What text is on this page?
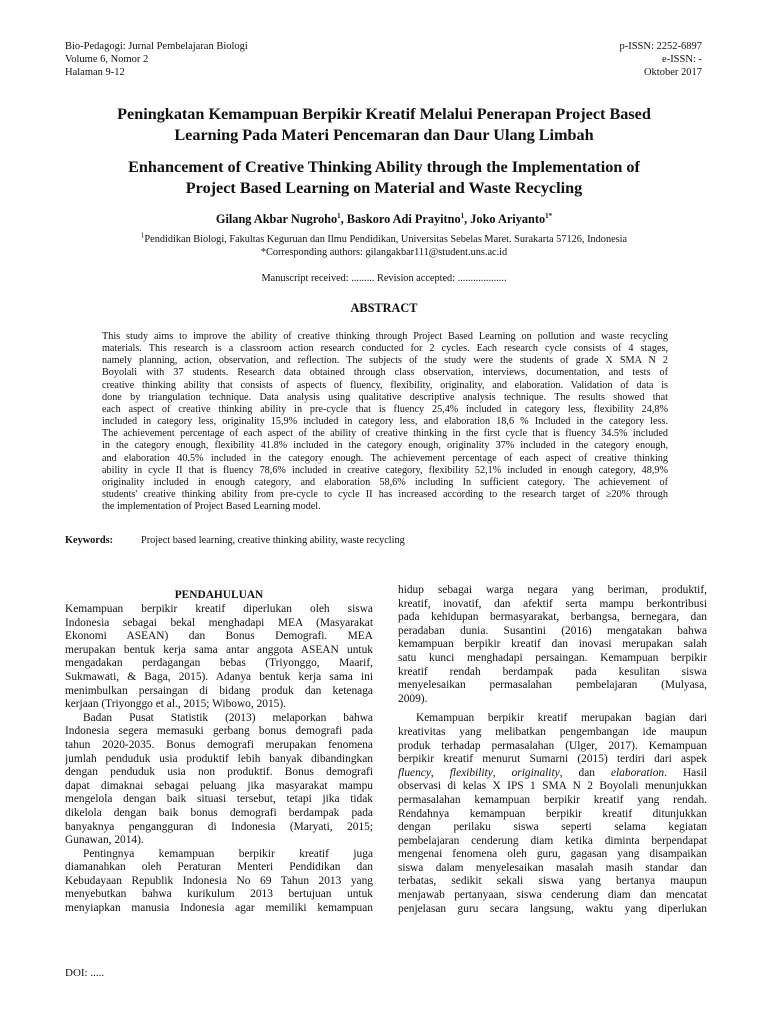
Bio-Pedagogi: Jurnal Pembelajaran Biologi
Volume 6, Nomor 2
Halaman 9-12
p-ISSN: 2252-6897
e-ISSN: -
Oktober 2017
Peningkatan Kemampuan Berpikir Kreatif Melalui Penerapan Project Based
Learning Pada Materi Pencemaran dan Daur Ulang Limbah
Enhancement of Creative Thinking Ability through the Implementation of
Project Based Learning on Material and Waste Recycling
Gilang Akbar Nugroho$^1$, Baskoro Adi Prayitno$^1$, Joko Ariyanto$^{1*}$
$^1$Pendidikan Biologi, Fakultas Keguruan dan Ilmu Pendidikan, Universitas Sebelas Maret. Surakarta 57126, Indonesia
*Corresponding authors: gilangakbar111@student.uns.ac.id
Manuscript received: ......... Revision accepted: ...................
ABSTRACT
This study aims to improve the ability of creative thinking through Project Based Learning on pollution and waste recycling
materials. This research is a classroom action research conducted for 2 cycles. Each research cycle consists of 4 stages,
namely planning, action, observation, and reflection. The subjects of the study were the students of grade X SMA N 2
Boyolali with 37 students. Research data obtained through class observation, interviews, documentation, and tests of
creative thinking ability that consists of aspects of fluency, flexibility, originality, and elaboration. Validation of data is
done by triangulation technique. Data analysis using qualitative descriptive analysis technique. The results showed that
each aspect of creative thinking ability in pre-cycle that is fluency 25,4% included in category less, flexibility 24,8%
included in category less, originality 15,9% included in category less, and elaboration 18,6 % Included in the category less.
The achievement percentage of each aspect of the ability of creative thinking in the first cycle that is fluency 34.5% included
in the category enough, flexibility 41.8% included in the category enough, originality 37% included in the category enough,
and elaboration 40.5% included in the category enough. The achievement percentage of each aspect of creative thinking
ability in cycle II that is fluency 78,6% included in creative category, flexibility 52,1% included in enough category, 48,9%
originality included in enough category, and elaboration 58,6% including In sufficient category. The achievement of
students' creative thinking ability from pre-cycle to cycle II has increased according to the research target of ≥20% through
the implementation of Project Based Learning model.
Keywords:	Project based learning, creative thinking ability, waste recycling
PENDAHULUAN
Kemampuan berpikir kreatif diperlukan oleh siswa
Indonesia sebagai bekal menghadapi MEA (Masyarakat
Ekonomi ASEAN) dan Bonus Demografi. MEA
merupakan bentuk kerja sama antar anggota ASEAN untuk
mengadakan perdagangan bebas (Triyonggo, Maarif,
Sukmawati, & Baga, 2015). Adanya bentuk kerja sama ini
menimbulkan persaingan di bidang produk dan ketenaga
kerjaan (Triyonggo et al., 2015; Wibowo, 2015).
Badan Pusat Statistik (2013) melaporkan bahwa
Indonesia segera memasuki gerbang bonus demografi pada
tahun 2020-2035. Bonus demografi merupakan fenomena
jumlah penduduk usia produktif lebih banyak dibandingkan
dengan penduduk usia non produktif. Bonus demografi
dapat dimaknai sebagai peluang jika masyarakat mampu
mengelola dengan baik situasi tersebut, tetapi jika tidak
dikelola dengan baik bonus demografi berdampak pada
banyaknya pengangguran di Indonesia (Maryati, 2015;
Gunawan, 2014).
Pentingnya kemampuan berpikir kreatif juga
diamanahkan oleh Peraturan Menteri Pendidikan dan
Kebudayaan Republik Indonesia No 69 Tahun 2013 yang
menyebutkan bahwa kurikulum 2013 bertujuan untuk
menyiapkan manusia Indonesia agar memiliki kemampuan
hidup sebagai warga negara yang beriman, produktif,
kreatif, inovatif, dan afektif serta mampu berkontribusi
pada kehidupan bermasyarakat, berbangsa, bernegara, dan
peradaban dunia. Susantini (2016) mengatakan bahwa
kemampuan berpikir kreatif dan inovasi merupakan salah
satu kunci menghadapi persaingan. Kemampuan berpikir
kreatif rendah berdampak pada kesulitan siswa
menyelesaikan permasalahan pembelajaran (Mulyasa,
2009).
Kemampuan berpikir kreatif merupakan bagian dari
kreativitas yang melibatkan pengembangan ide maupun
produk terhadap permasalahan (Ulger, 2017). Kemampuan
berpikir kreatif menurut Sumarni (2015) terdiri dari aspek
fluency, flexibility, originality, dan elaboration. Hasil
observasi di kelas X IPS 1 SMA N 2 Boyolali menunjukkan
permasalahan kemampuan berpikir kreatif yang rendah.
Rendahnya kemampuan berpikir kreatif ditunjukkan
dengan perilaku siswa seperti selama kegiatan
pembelajaran cenderung diam ketika diminta berpendapat
mengenai fenomena oleh guru, gagasan yang disampaikan
siswa dalam menyelesaikan masalah masih standar dan
terbatas, sedikit sekali siswa yang bertanya maupun
menjawab pertanyaan, siswa cenderung diam dan mencatat
penjelasan guru secara langsung, waktu yang diperlukan
DOI: .....
